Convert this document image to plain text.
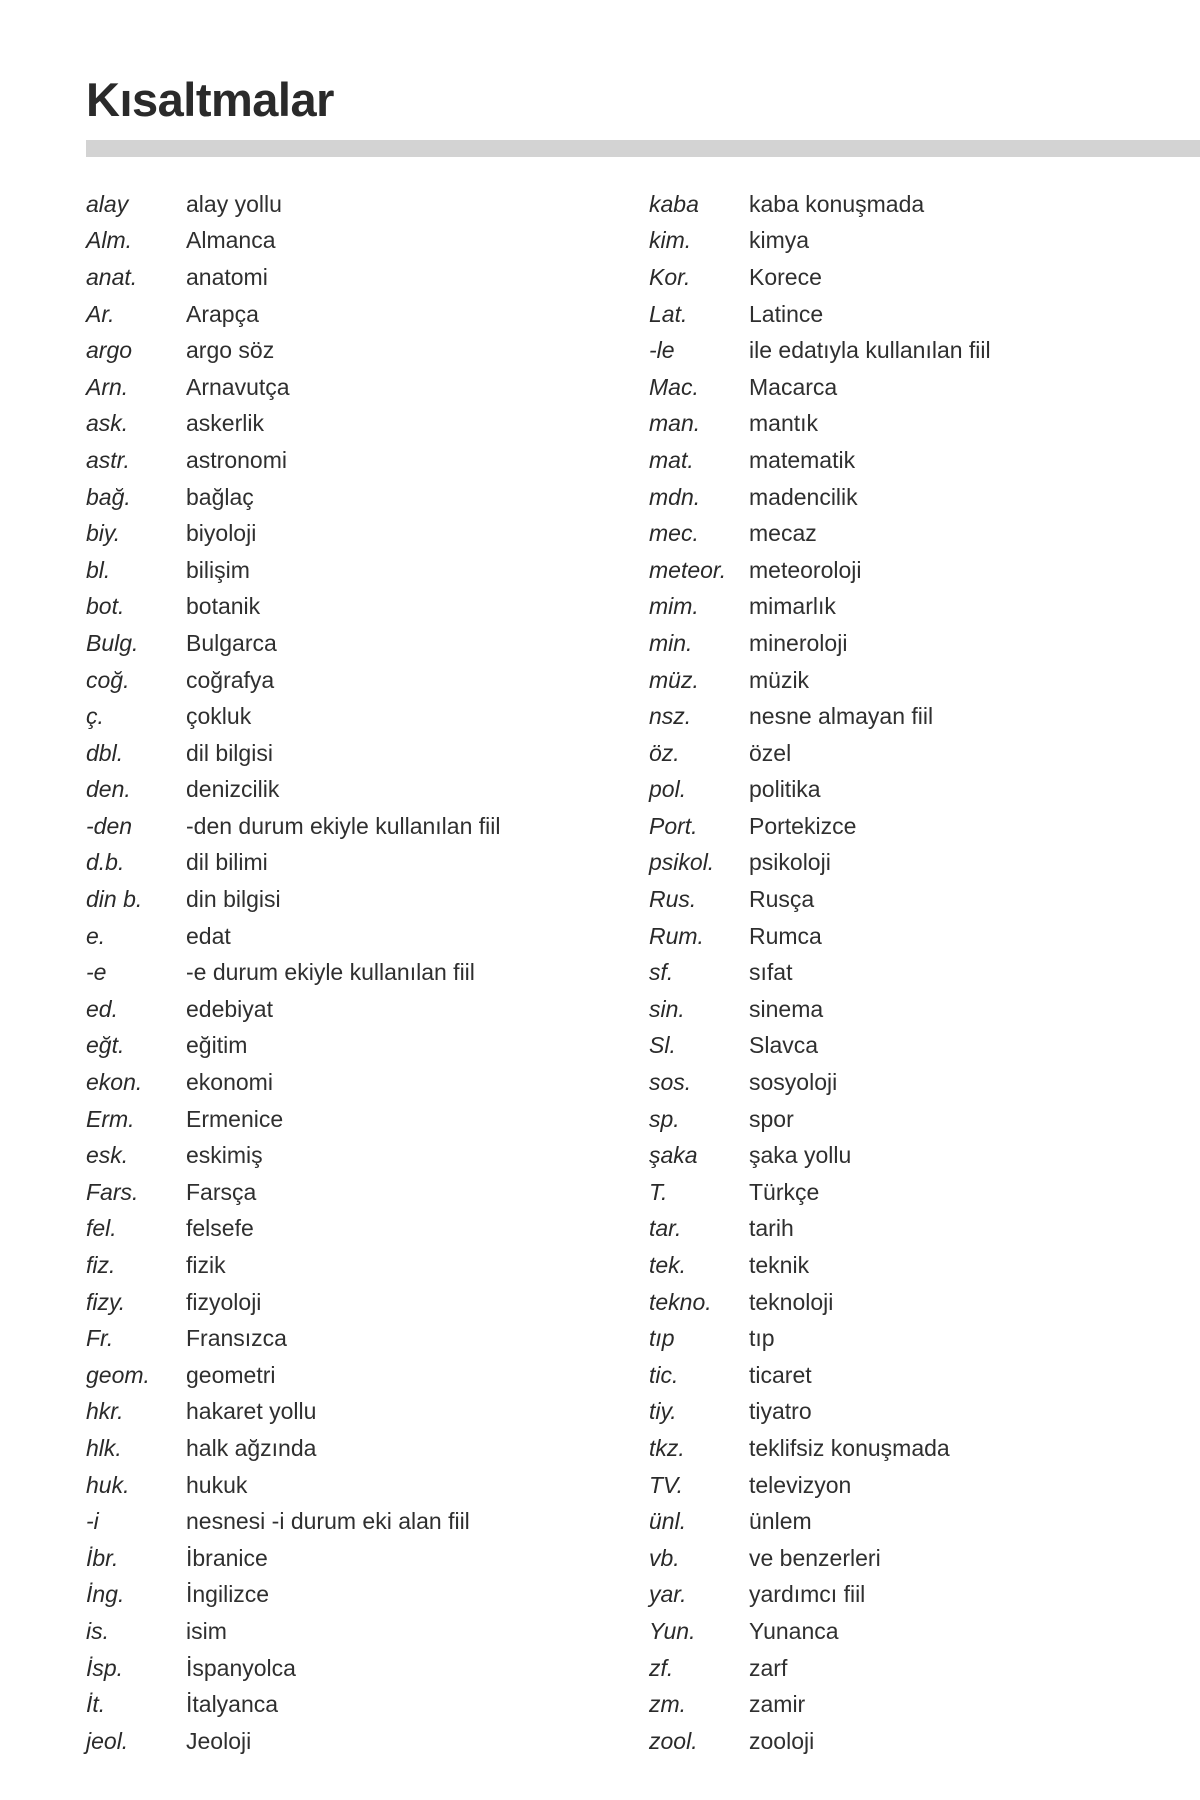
Kısaltmalar
alay	alay yollu
Alm.	Almanca
anat.	anatomi
Ar.	Arapça
argo	argo söz
Arn.	Arnavutça
ask.	askerlik
astr.	astronomi
bağ.	bağlaç
biy.	biyoloji
bl.	bilişim
bot.	botanik
Bulg.	Bulgarca
coğ.	coğrafya
ç.	çokluk
dbl.	dil bilgisi
den.	denizcilik
-den	-den durum ekiyle kullanılan fiil
d.b.	dil bilimi
din b.	din bilgisi
e.	edat
-e	-e durum ekiyle kullanılan fiil
ed.	edebiyat
eğt.	eğitim
ekon.	ekonomi
Erm.	Ermenice
esk.	eskimiş
Fars.	Farsça
fel.	felsefe
fiz.	fizik
fizy.	fizyoloji
Fr.	Fransızca
geom.	geometri
hkr.	hakaret yollu
hlk.	halk ağzında
huk.	hukuk
-i	nesnesi -i durum eki alan fiil
İbr.	İbranice
İng.	İngilizce
is.	isim
İsp.	İspanyolca
İt.	İtalyanca
jeol.	Jeoloji
kaba	kaba konuşmada
kim.	kimya
Kor.	Korece
Lat.	Latince
-le	ile edatıyla kullanılan fiil
Mac.	Macarca
man.	mantık
mat.	matematik
mdn.	madencilik
mec.	mecaz
meteor. meteoroloji
mim.	mimarlık
min.	mineroloji
müz.	müzik
nsz.	nesne almayan fiil
öz.	özel
pol.	politika
Port.	Portekizce
psikol.	psikoloji
Rus.	Rusça
Rum.	Rumca
sf.	sıfat
sin.	sinema
Sl.	Slavca
sos.	sosyoloji
sp.	spor
şaka	şaka yollu
T.	Türkçe
tar.	tarih
tek.	teknik
tekno.	teknoloji
tıp	tıp
tic.	ticaret
tiy.	tiyatro
tkz.	teklifsiz konuşmada
TV.	televizyon
ünl.	ünlem
vb.	ve benzerleri
yar.	yardımcı fiil
Yun.	Yunanca
zf.	zarf
zm.	zamir
zool.	zooloji
